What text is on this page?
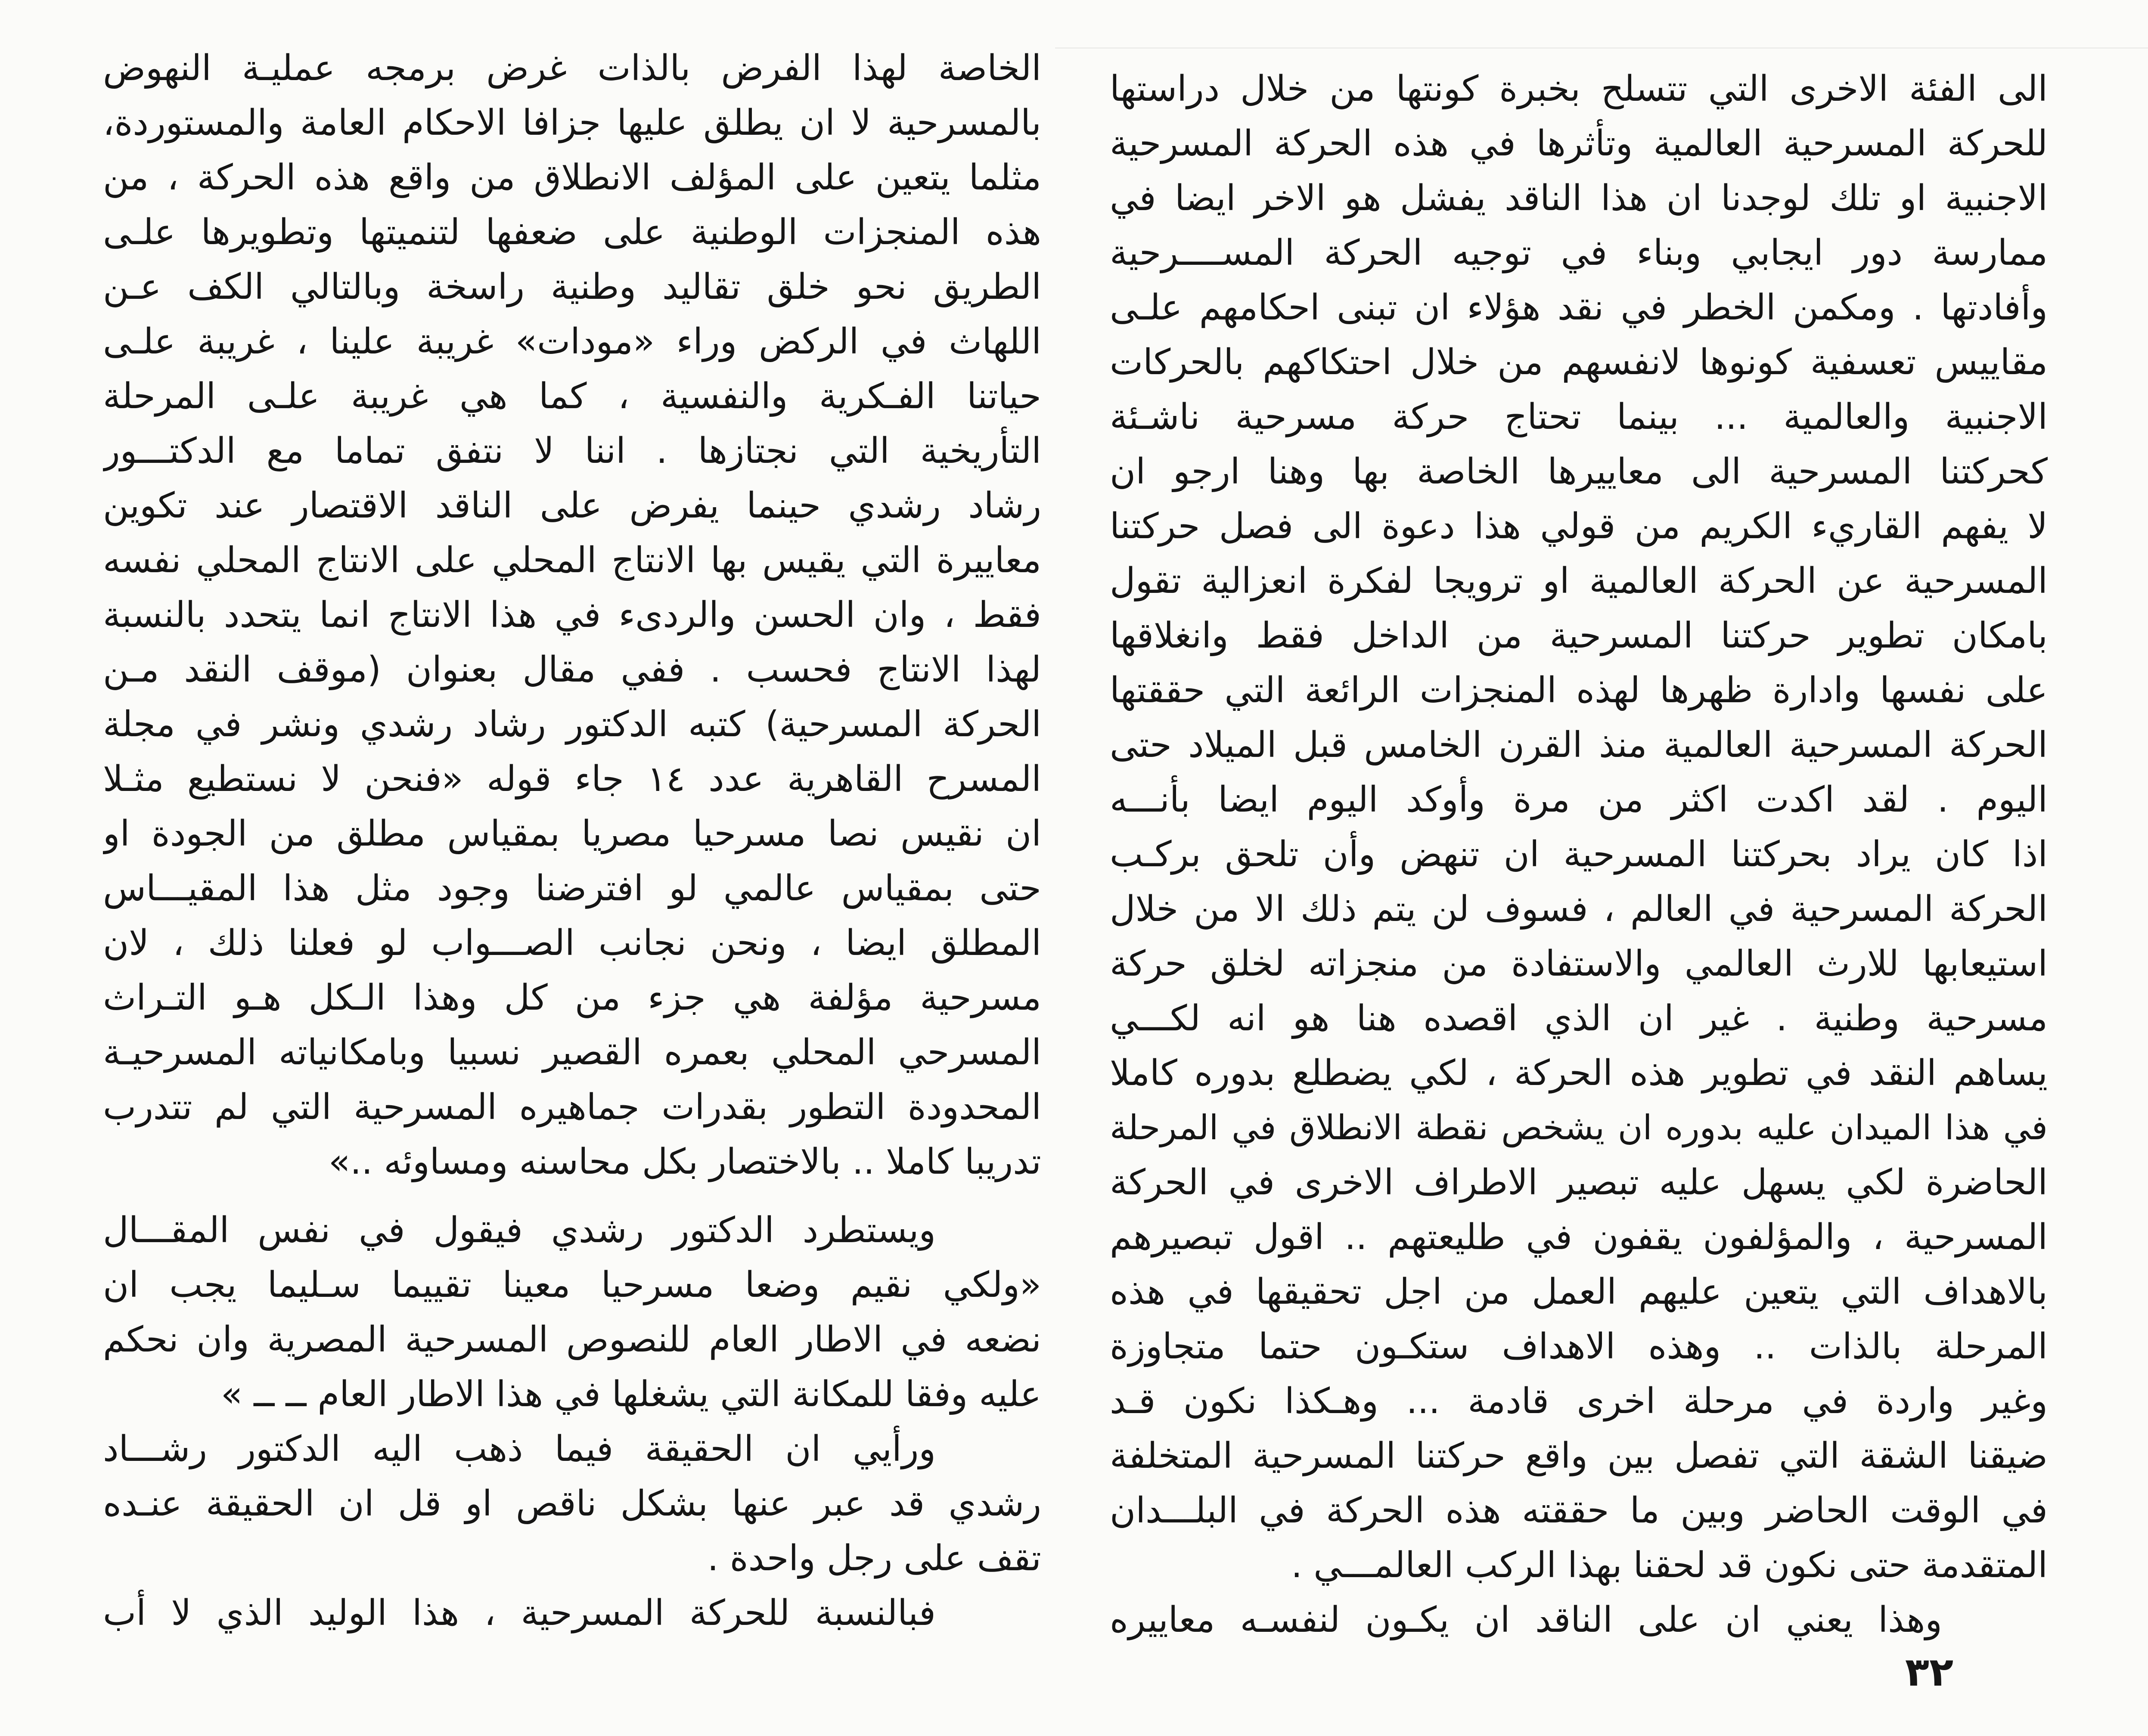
٣٢
الى الفئة الاخرى التي تتسلح بخبرة كونتها من خلال دراستها
للحركة المسرحية العالمية وتأثرها في هذه الحركة المسرحية
الاجنبية او تلك لوجدنا ان هذا الناقد يفشل هو الاخر ايضا في
ممارسة دور ايجابي وبناء في توجيه الحركة المســــرحية
وأفادتها . ومكمن الخطر في نقد هؤلاء ان تبنى احكامهم علـى
مقاييس تعسفية كونوها لانفسهم من خلال احتكاكهم بالحركات
الاجنبية والعالمية ... بينما تحتاج حركة مسرحية ناشـئة
كحركتنا المسرحية الى معاييرها الخاصة بها وهنا ارجو ان
لا يفهم القاريء الكريم من قولي هذا دعوة الى فصل حركتنا
المسرحية عن الحركة العالمية او ترويجا لفكرة انعزالية تقول
بامكان تطوير حركتنا المسرحية من الداخل فقط وانغلاقها
على نفسها وادارة ظهرها لهذه المنجزات الرائعة التي حققتها
الحركة المسرحية العالمية منذ القرن الخامس قبل الميلاد حتى
اليوم . لقد اكدت اكثر من مرة وأوكد اليوم ايضا بأنـــه
اذا كان يراد بحركتنا المسرحية ان تنهض وأن تلحق بركـب
الحركة المسرحية في العالم ، فسوف لن يتم ذلك الا من خلال
استيعابها للارث العالمي والاستفادة من منجزاته لخلق حركة
مسرحية وطنية . غير ان الذي اقصده هنا هو انه لكـــي
يساهم النقد في تطوير هذه الحركة ، لكي يضطلع بدوره كاملا
في هذا الميدان عليه بدوره ان يشخص نقطة الانطلاق في المرحلة
الحاضرة لكي يسهل عليه تبصير الاطراف الاخرى في الحركة
المسرحية ، والمؤلفون يقفون في طليعتهم .. اقول تبصيرهم
بالاهداف التي يتعين عليهم العمل من اجل تحقيقها في هذه
المرحلة بالذات .. وهذه الاهداف ستكـون حتما متجاوزة
وغير واردة في مرحلة اخرى قادمة ... وهـكذا نكون قـد
ضيقنا الشقة التي تفصل بين واقع حركتنا المسرحية المتخلفة
في الوقت الحاضر وبين ما حققته هذه الحركة في البلـــدان
المتقدمة حتى نكون قد لحقنا بهذا الركب العالمـــي .
وهذا يعني ان على الناقد ان يكـون لنفسـه معاييره
الخاصة لهذا الفرض بالذات غرض برمجه عمليـة النهوض
بالمسرحية لا ان يطلق عليها جزافا الاحكام العامة والمستوردة،
مثلما يتعين على المؤلف الانطلاق من واقع هذه الحركة ، من
هذه المنجزات الوطنية على ضعفها لتنميتها وتطويرها علـى
الطريق نحو خلق تقاليد وطنية راسخة وبالتالي الكف عـن
اللهاث في الركض وراء «مودات» غريبة علينا ، غريبة علـى
حياتنا الفـكرية والنفسية ، كما هي غريبة علـى المرحلة
التأريخية التي نجتازها . اننا لا نتفق تماما مع الدكتـــور
رشاد رشدي حينما يفرض على الناقد الاقتصار عند تكوين
معاييرة التي يقيس بها الانتاج المحلي على الانتاج المحلي نفسه
فقط ، وان الحسن والردىء في هذا الانتاج انما يتحدد بالنسبة
لهذا الانتاج فحسب . ففي مقال بعنوان (موقف النقد مـن
الحركة المسرحية) كتبه الدكتور رشاد رشدي ونشر في مجلة
المسرح القاهرية عدد ١٤ جاء قوله «فنحن لا نستطيع مثـلا
ان نقيس نصا مسرحيا مصريا بمقياس مطلق من الجودة او
حتى بمقياس عالمي لو افترضنا وجود مثل هذا المقيـــاس
المطلق ايضا ، ونحن نجانب الصـــواب لو فعلنا ذلك ، لان
مسرحية مؤلفة هي جزء من كل وهذا الـكل هـو التـراث
المسرحي المحلي بعمره القصير نسبيا وبامكانياته المسرحيـة
المحدودة التطور بقدرات جماهيره المسرحية التي لم تتدرب
تدريبا كاملا .. بالاختصار بكل محاسنه ومساوئه ..»
ويستطرد الدكتور رشدي فيقول في نفس المقـــال
«ولكي نقيم وضعا مسرحيا معينا تقييما سـليما يجب ان
نضعه في الاطار العام للنصوص المسرحية المصرية وان نحكم
عليه وفقا للمكانة التي يشغلها في هذا الاطار العام ــ ــ »
ورأيي ان الحقيقة فيما ذهب اليه الدكتور رشـــاد
رشدي قد عبر عنها بشكل ناقص او قل ان الحقيقة عنـده
تقف على رجل واحدة .
فبالنسبة للحركة المسرحية ، هذا الوليد الذي لا أب
